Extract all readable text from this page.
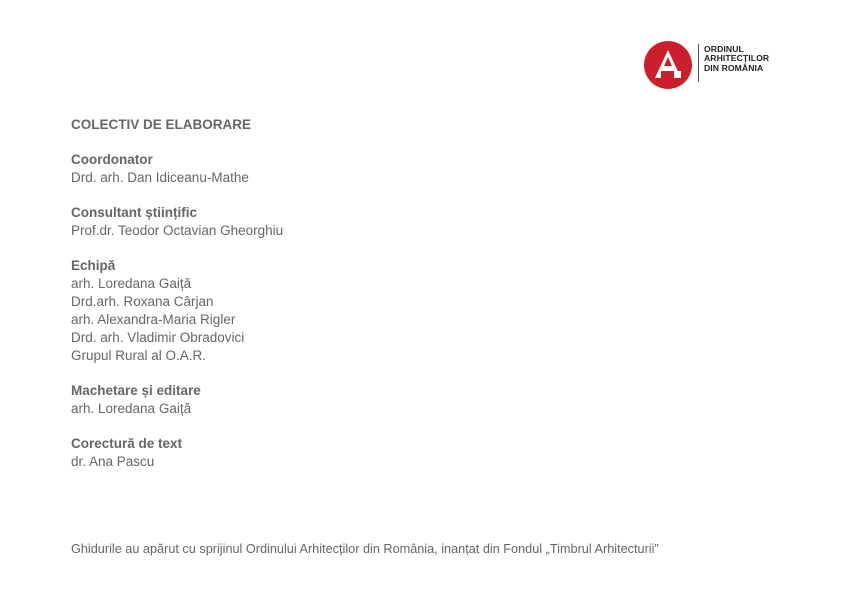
ORDINUL
ARHITECȚILOR
DIN ROMÂNIA
COLECTIV DE ELABORARE
Coordonator
Drd. arh. Dan Idiceanu-Mathe
Consultant științific
Prof.dr. Teodor Octavian Gheorghiu
Echipă
arh. Loredana Gaiță
Drd.arh. Roxana Cârjan
arh. Alexandra-Maria Rigler
Drd. arh. Vladimir Obradovici
Grupul Rural al O.A.R.
Machetare și editare
arh. Loredana Gaiță
Corectură de text
dr. Ana Pascu
Ghidurile au apărut cu sprijinul Ordinului Arhitecților din România, inanțat din Fondul „Timbrul Arhitecturii”
